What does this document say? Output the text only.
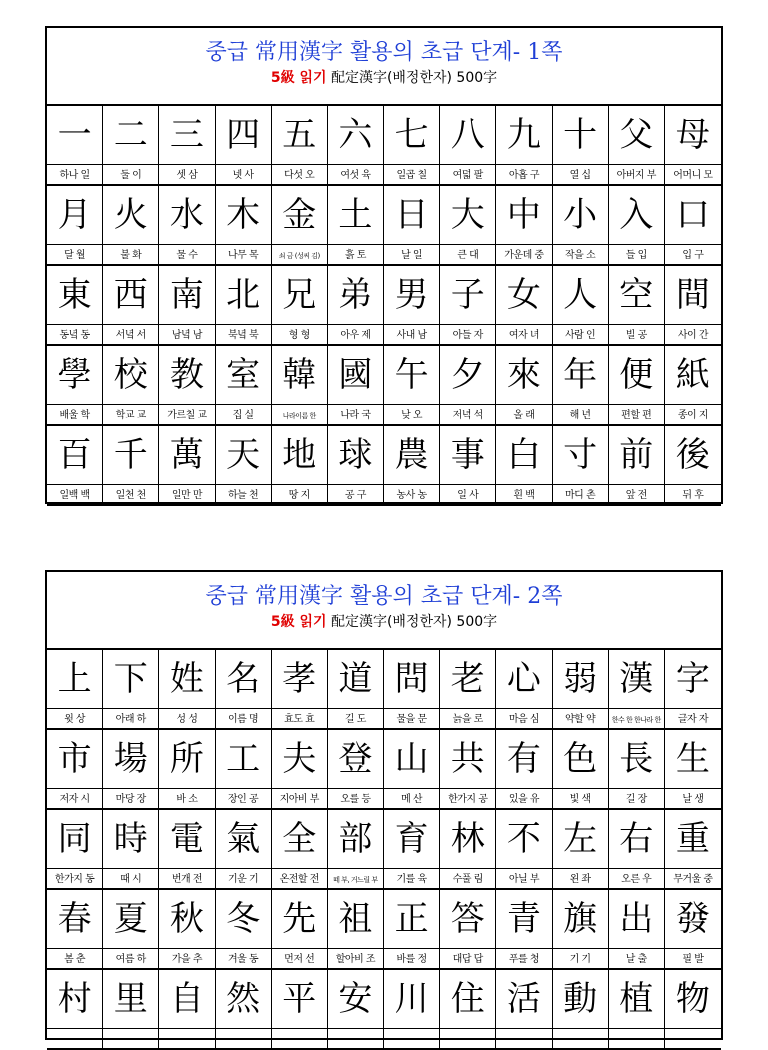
중급 常用漢字 활용의 초급 단계- 1쪽
5級 읽기 配定漢字(배정한자) 500字
一 二 三 四 五 六 七 八 九 十 父 母
하나 일	둘 이	셋 삼	넷 사	다섯 오	여섯 육	일곱 칠	여덟 팔	아홉 구	열 십	아버지 부	어머니 모
月 火 水 木 金 土 日 大 中 小 入 口
달 월	불 화	물 수	나무 목	쇠 금 (성씨 김)	흙 토	날 일	큰 대	가운데 중	작을 소	들 입	입 구
東 西 南 北 兄 弟 男 子 女 人 空 間
동녘 동	서녘 서	남녘 남	북녘 북	형 형	아우 제	사내 남	아들 자	여자 녀	사람 인	빌 공	사이 간
學 校 教 室 韓 國 午 夕 來 年 便 紙
배울 학	학교 교	가르칠 교	집 실	나라이름 한	나라 국	낮 오	저녁 석	올 래	해 년	편할 편	종이 지
百 千 萬 天 地 球 農 事 白 寸 前 後
일백 백	일천 천	일만 만	하늘 천	땅 지	공 구	농사 농	일 사	흰 백	마디 촌	앞 전	뒤 후
중급 常用漢字 활용의 초급 단계- 2쪽
5級 읽기 配定漢字(배정한자) 500字
上 下 姓 名 孝 道 問 老 心 弱 漢 字
윗 상	아래 하	성 성	이름 명	효도 효	길 도	물을 문	늙을 로	마음 심	약할 약	한수 한 한나라 한	글자 자
市 場 所 工 夫 登 山 共 有 色 長 生
저자 시	마당 장	바 소	장인 공	지아비 부	오를 등	메 산	한가지 공	있을 유	빛 색	길 장	날 생
同 時 電 氣 全 部 育 林 不 左 右 重
한가지 동	때 시	번개 전	기운 기	온전할 전	떼 부, 거느릴 부	기를 육	수풀 림	아닐 부	왼 좌	오른 우	무거울 중
春 夏 秋 冬 先 祖 正 答 青 旗 出 發
봄 춘	여름 하	가을 추	겨울 동	먼저 선	할아비 조	바를 정	대답 답	푸를 청	기 기	날 출	필 발
村 里 自 然 平 安 川 住 活 動 植 物
